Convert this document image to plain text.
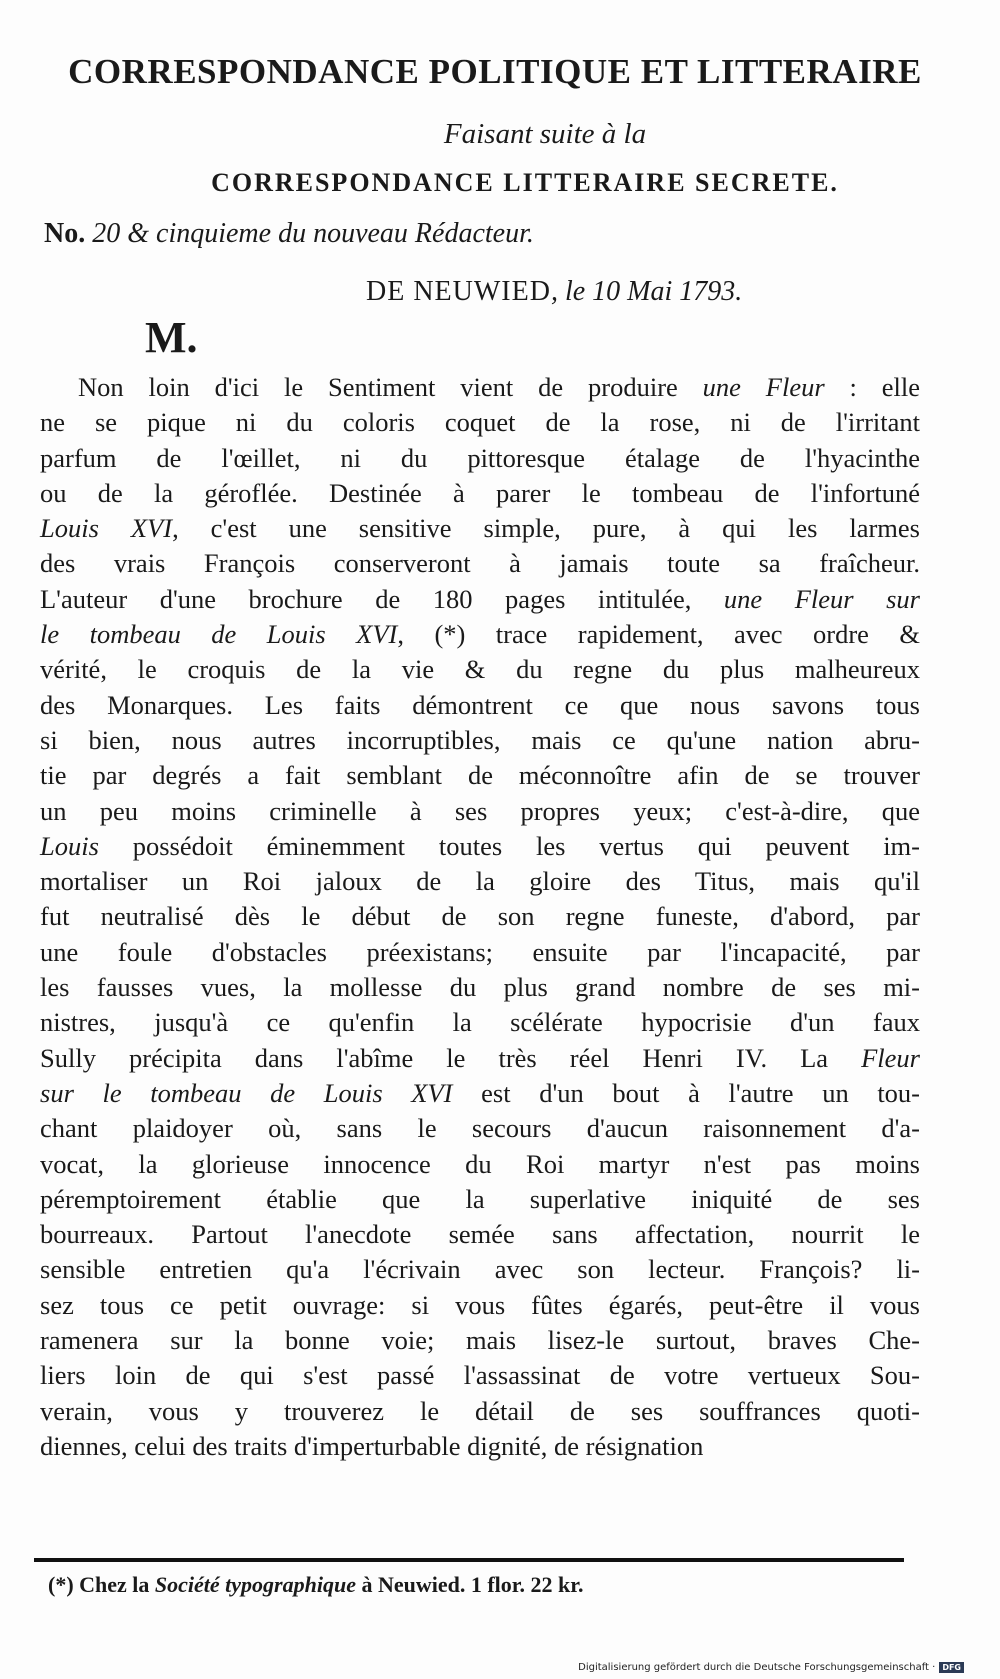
CORRESPONDANCE POLITIQUE ET LITTERAIRE
Faisant suite à la
CORRESPONDANCE LITTERAIRE SECRETE.
No. 20 & cinquieme du nouveau Rédacteur.
DE NEUWIED, le 10 Mai 1793.
M.
Non loin d'ici le Sentiment vient de produire une Fleur : elle
ne se pique ni du coloris coquet de la rose, ni de l'irritant
parfum de l'œillet, ni du pittoresque étalage de l'hyacinthe
ou de la géroflée. Destinée à parer le tombeau de l'infortuné
Louis XVI, c'est une sensitive simple, pure, à qui les larmes
des vrais François conserveront à jamais toute sa fraîcheur.
L'auteur d'une brochure de 180 pages intitulée, une Fleur sur
le tombeau de Louis XVI, (*) trace rapidement, avec ordre &
vérité, le croquis de la vie & du regne du plus malheureux
des Monarques. Les faits démontrent ce que nous savons tous
si bien, nous autres incorruptibles, mais ce qu'une nation abru-
tie par degrés a fait semblant de méconnoître afin de se trouver
un peu moins criminelle à ses propres yeux; c'est-à-dire, que
Louis possédoit éminemment toutes les vertus qui peuvent im-
mortaliser un Roi jaloux de la gloire des Titus, mais qu'il
fut neutralisé dès le début de son regne funeste, d'abord, par
une foule d'obstacles préexistans; ensuite par l'incapacité, par
les fausses vues, la mollesse du plus grand nombre de ses mi-
nistres, jusqu'à ce qu'enfin la scélérate hypocrisie d'un faux
Sully précipita dans l'abîme le très réel Henri IV. La Fleur
sur le tombeau de Louis XVI est d'un bout à l'autre un tou-
chant plaidoyer où, sans le secours d'aucun raisonnement d'a-
vocat, la glorieuse innocence du Roi martyr n'est pas moins
péremptoirement établie que la superlative iniquité de ses
bourreaux. Partout l'anecdote semée sans affectation, nourrit le
sensible entretien qu'a l'écrivain avec son lecteur. François? li-
sez tous ce petit ouvrage: si vous fûtes égarés, peut-être il vous
ramenera sur la bonne voie; mais lisez-le surtout, braves Che-
liers loin de qui s'est passé l'assassinat de votre vertueux Sou-
verain, vous y trouverez le détail de ses souffrances quoti-
diennes, celui des traits d'imperturbable dignité, de résignation
(*) Chez la Société typographique à Neuwied. 1 flor. 22 kr.
Digitalisierung gefördert durch die Deutsche Forschungsgemeinschaft · DFG
